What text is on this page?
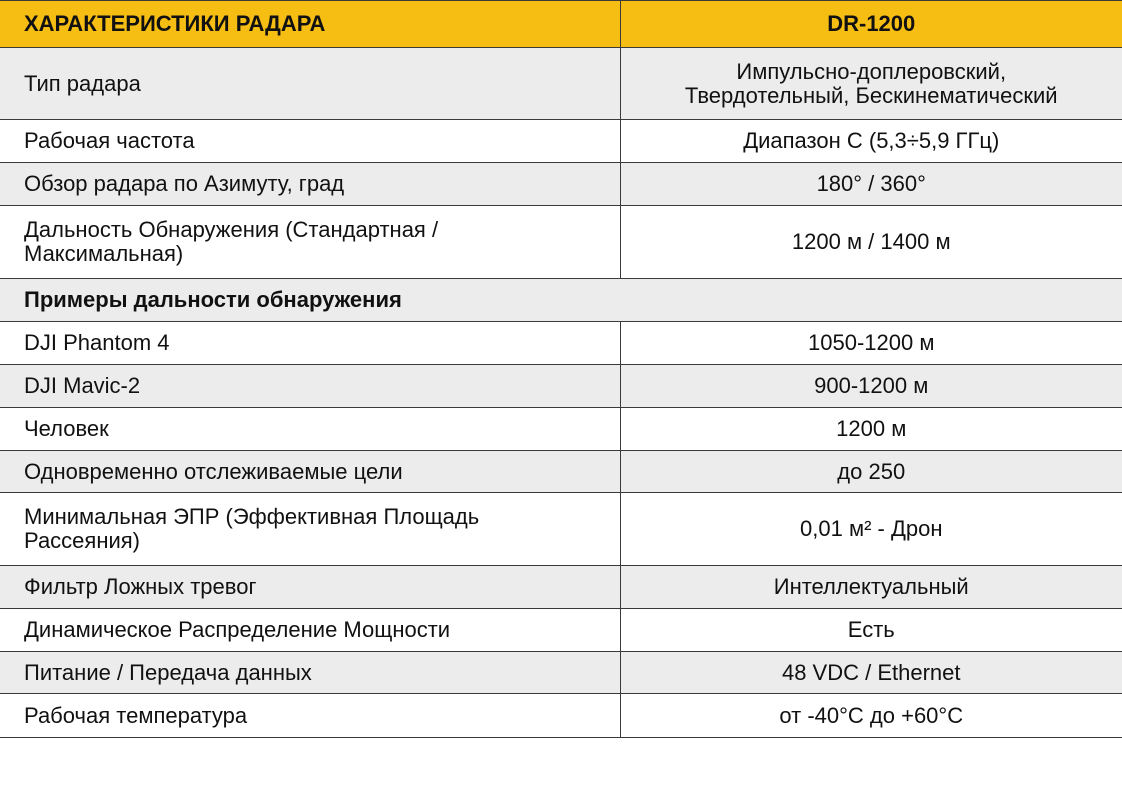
ХАРАКТЕРИСТИКИ РАДАРА	DR-1200
Тип радара	Импульсно-доплеровский,
Твердотельный, Бескинематический
Рабочая частота	Диапазон C (5,3÷5,9 ГГц)
Обзор радара по Азимуту, град	180° / 360°
Дальность Обнаружения (Стандартная /
Максимальная)	1200 м / 1400 м
Примеры дальности обнаружения	
DJI Phantom 4	1050-1200 м
DJI Mavic-2	900-1200 м
Человек	1200 м
Одновременно отслеживаемые цели	до 250
Минимальная ЭПР (Эффективная Площадь
Рассеяния)	0,01 м² - Дрон
Фильтр Ложных тревог	Интеллектуальный
Динамическое Распределение Мощности	Есть
Питание / Передача данных	48 VDC / Ethernet
Рабочая температура	от -40°C до +60°C
